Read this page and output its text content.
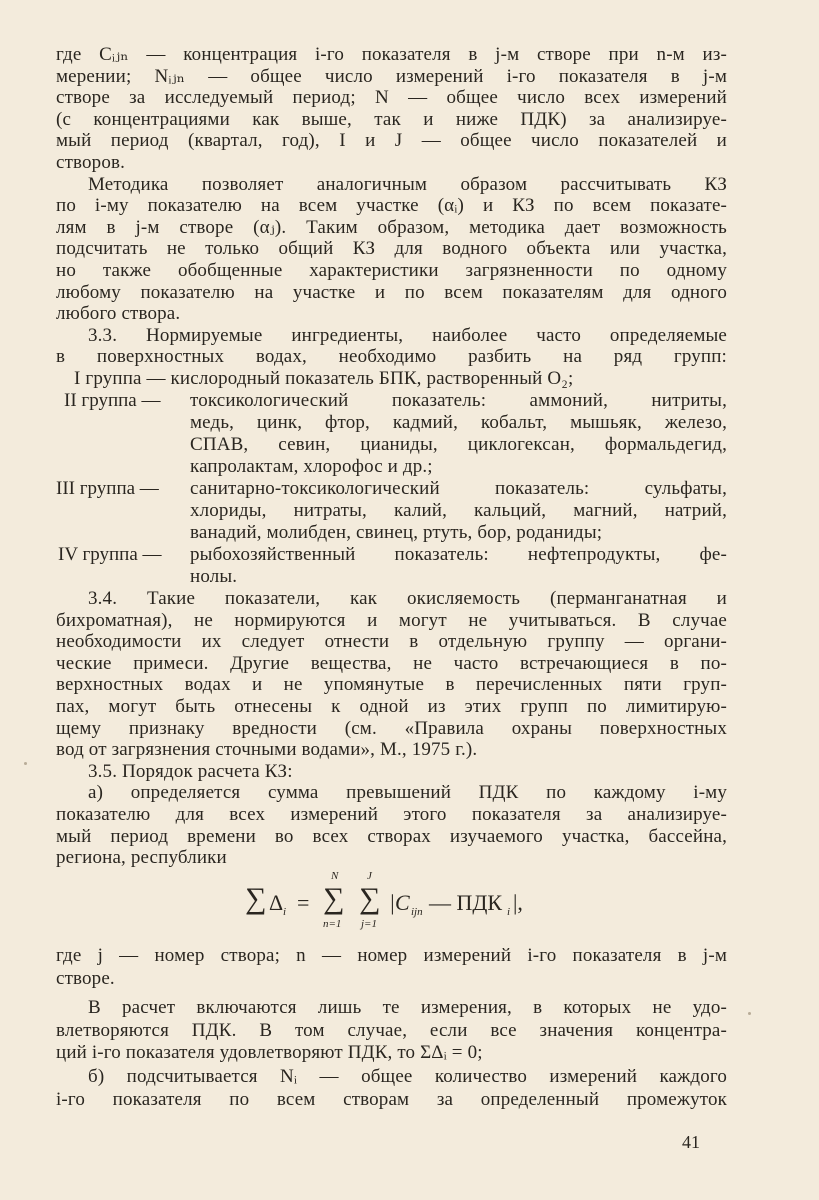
где Cᵢⱼₙ — концентрация i-го показателя в j-м створе при n-м из-
мерении; Nᵢⱼₙ — общее число измерений i-го показателя в j-м
створе за исследуемый период; N — общее число всех измерений
(с концентрациями как выше, так и ниже ПДК) за анализируе-
мый период (квартал, год), I и J — общее число показателей и
створов.
Методика позволяет аналогичным образом рассчитывать КЗ
по i-му показателю на всем участке (αᵢ) и КЗ по всем показате-
лям в j-м створе (αⱼ). Таким образом, методика дает возможность
подсчитать не только общий КЗ для водного объекта или участка,
но также обобщенные характеристики загрязненности по одному
любому показателю на участке и по всем показателям для одного
любого створа.
3.3. Нормируемые ингредиенты, наиболее часто определяемые
в поверхностных водах, необходимо разбить на ряд групп:
I группа — кислородный показатель БПК, растворенный O₂;
II группа — токсикологический показатель: аммоний, нитриты,
медь, цинк, фтор, кадмий, кобальт, мышьяк, железо,
СПАВ, севин, цианиды, циклогексан, формальдегид,
капролактам, хлорофос и др.;
III группа — санитарно-токсикологический показатель: сульфаты,
хлориды, нитраты, калий, кальций, магний, натрий,
ванадий, молибден, свинец, ртуть, бор, роданиды;
IV группа — рыбохозяйственный показатель: нефтепродукты, фе-
нолы.
3.4. Такие показатели, как окисляемость (перманганатная и
бихроматная), не нормируются и могут не учитываться. В случае
необходимости их следует отнести в отдельную группу — органи-
ческие примеси. Другие вещества, не часто встречающиеся в по-
верхностных водах и не упомянутые в перечисленных пяти груп-
пах, могут быть отнесены к одной из этих групп по лимитирую-
щему признаку вредности (см. «Правила охраны поверхностных
вод от загрязнения сточными водами», М., 1975 г.).
3.5. Порядок расчета КЗ:
а) определяется сумма превышений ПДК по каждому i-му
показателю для всех измерений этого показателя за анализируе-
мый период времени во всех створах изучаемого участка, бассейна,
региона, республики
∑ Δ i =
N
∑
n=1
J
∑
j=1
|C ijn — ПДК i |,
где j — номер створа; n — номер измерений i-го показателя в j-м
створе.
В расчет включаются лишь те измерения, в которых не удо-
влетворяются ПДК. В том случае, если все значения концентра-
ций i-го показателя удовлетворяют ПДК, то ΣΔᵢ = 0;
б) подсчитывается Nᵢ — общее количество измерений каждого
i-го показателя по всем створам за определенный промежуток
41
